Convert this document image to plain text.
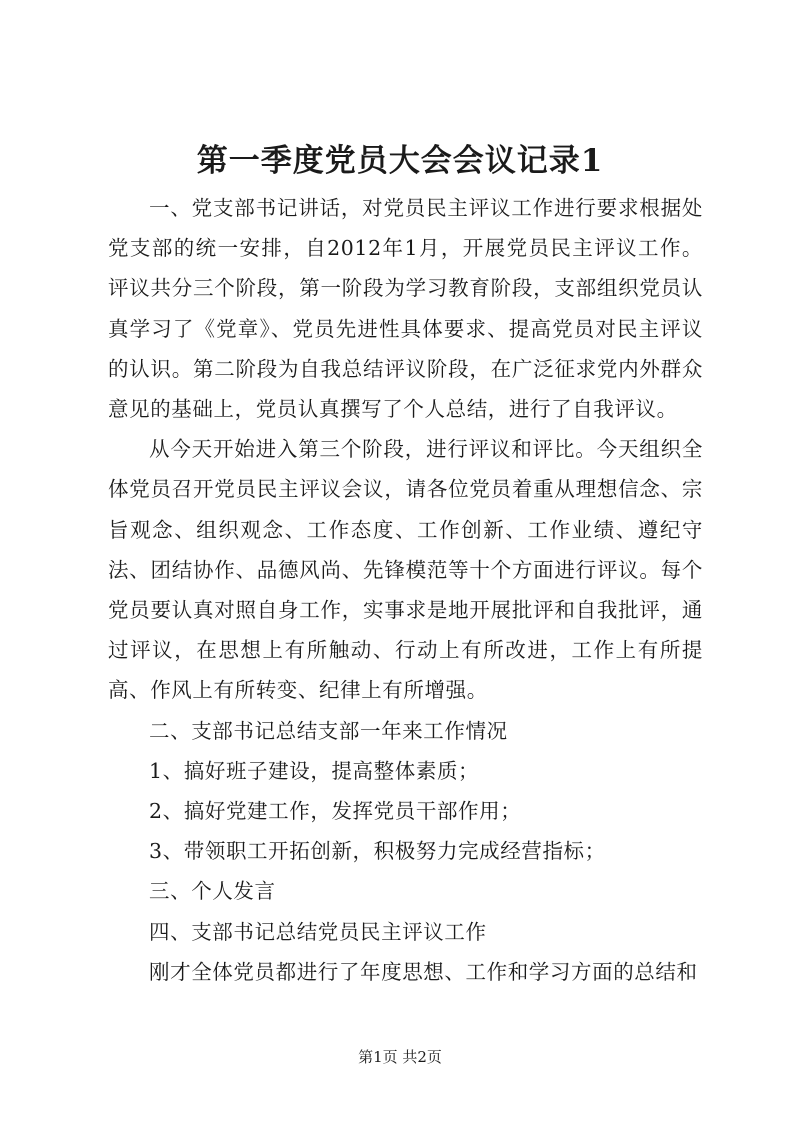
第一季度党员大会会议记录1

一、党支部书记讲话，对党员民主评议工作进行要求根据处党支部的统一安排，自2012年1月，开展党员民主评议工作。评议共分三个阶段，第一阶段为学习教育阶段，支部组织党员认真学习了《党章》、党员先进性具体要求、提高党员对民主评议的认识。第二阶段为自我总结评议阶段，在广泛征求党内外群众意见的基础上，党员认真撰写了个人总结，进行了自我评议。

从今天开始进入第三个阶段，进行评议和评比。今天组织全体党员召开党员民主评议会议，请各位党员着重从理想信念、宗旨观念、组织观念、工作态度、工作创新、工作业绩、遵纪守法、团结协作、品德风尚、先锋模范等十个方面进行评议。每个党员要认真对照自身工作，实事求是地开展批评和自我批评，通过评议，在思想上有所触动、行动上有所改进，工作上有所提高、作风上有所转变、纪律上有所增强。

二、支部书记总结支部一年来工作情况

1、搞好班子建设，提高整体素质；

2、搞好党建工作，发挥党员干部作用；

3、带领职工开拓创新，积极努力完成经营指标；

三、个人发言

四、支部书记总结党员民主评议工作

刚才全体党员都进行了年度思想、工作和学习方面的总结和

第1页 共2页
